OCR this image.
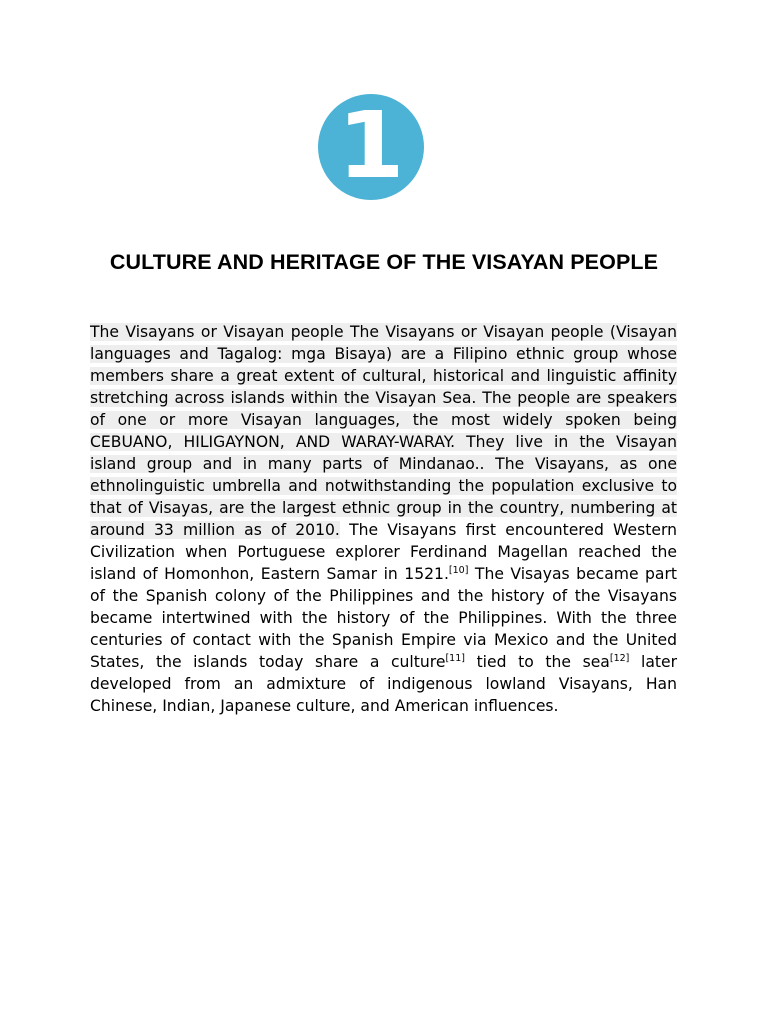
1
CULTURE AND HERITAGE OF THE VISAYAN PEOPLE
The Visayans or Visayan people The Visayans or Visayan people (Visayan languages and Tagalog: mga Bisaya) are a Filipino ethnic group whose members share a great extent of cultural, historical and linguistic affinity stretching across islands within the Visayan Sea. The people are speakers of one or more Visayan languages, the most widely spoken being CEBUANO, HILIGAYNON, AND WARAY-WARAY. They live in the Visayan island group and in many parts of Mindanao.. The Visayans, as one ethnolinguistic umbrella and notwithstanding the population exclusive to that of Visayas, are the largest ethnic group in the country, numbering at around 33 million as of 2010. The Visayans first encountered Western Civilization when Portuguese explorer Ferdinand Magellan reached the island of Homonhon, Eastern Samar in 1521.[10] The Visayas became part of the Spanish colony of the Philippines and the history of the Visayans became intertwined with the history of the Philippines. With the three centuries of contact with the Spanish Empire via Mexico and the United States, the islands today share a culture[11] tied to the sea[12] later developed from an admixture of indigenous lowland Visayans, Han Chinese, Indian, Japanese culture, and American influences.
